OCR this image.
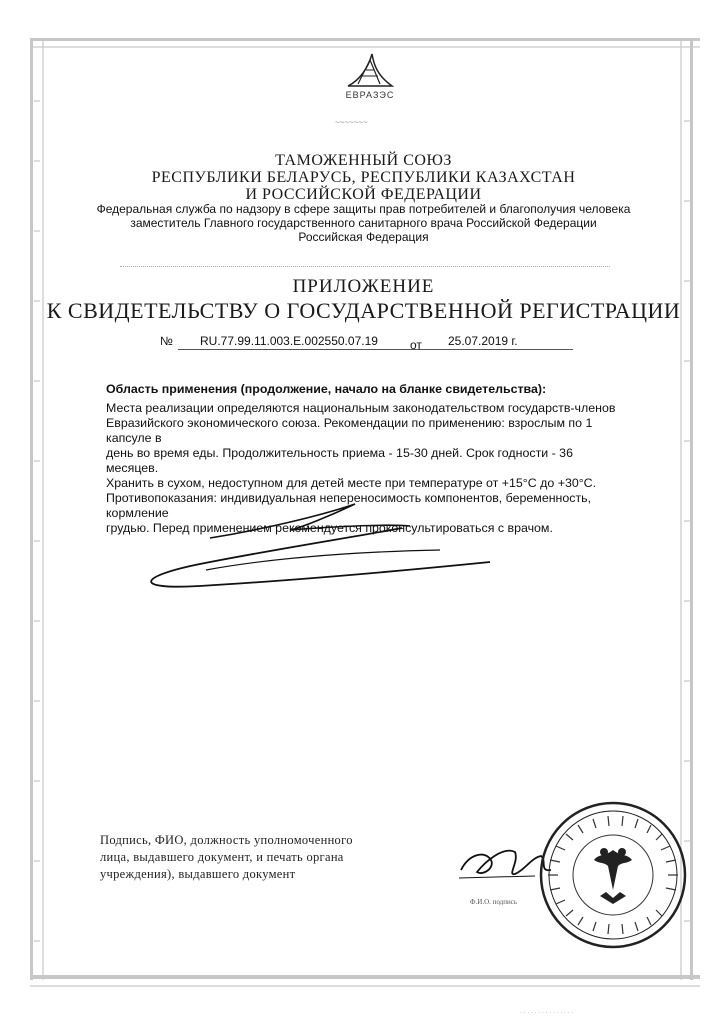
ЕВРАЗЭС
~~~~~~~
ТАМОЖЕННЫЙ СОЮЗ
РЕСПУБЛИКИ БЕЛАРУСЬ, РЕСПУБЛИКИ КАЗАХСТАН
И РОССИЙСКОЙ ФЕДЕРАЦИИ
Федеральная служба по надзору в сфере защиты прав потребителей и благополучия человека
заместитель Главного государственного санитарного врача Российской Федерации
Российская Федерация
ПРИЛОЖЕНИЕ
К СВИДЕТЕЛЬСТВУ О ГОСУДАРСТВЕННОЙ РЕГИСТРАЦИИ
№ RU.77.99.11.003.E.002550.07.19	от 25.07.2019 г.

Область применения (продолжение, начало на бланке свидетельства):

Места реализации определяются национальным законодательством государств-членов

Евразийского экономического союза. Рекомендации по применению: взрослым по 1 капсуле в

день во время еды. Продолжительность приема - 15-30 дней. Срок годности - 36 месяцев.

Хранить в сухом, недоступном для детей месте при температуре от +15°С до +30°С.

Противопоказания: индивидуальная непереносимость компонентов, беременность, кормление

грудью. Перед применением рекомендуется проконсультироваться с врачом.

Подпись, ФИО, должность уполномоченного
лица, выдавшего документ, и печать органа
учреждения), выдавшего документ
Ф.И.О. подпись
· · · · · · · · · · · · · · ·
